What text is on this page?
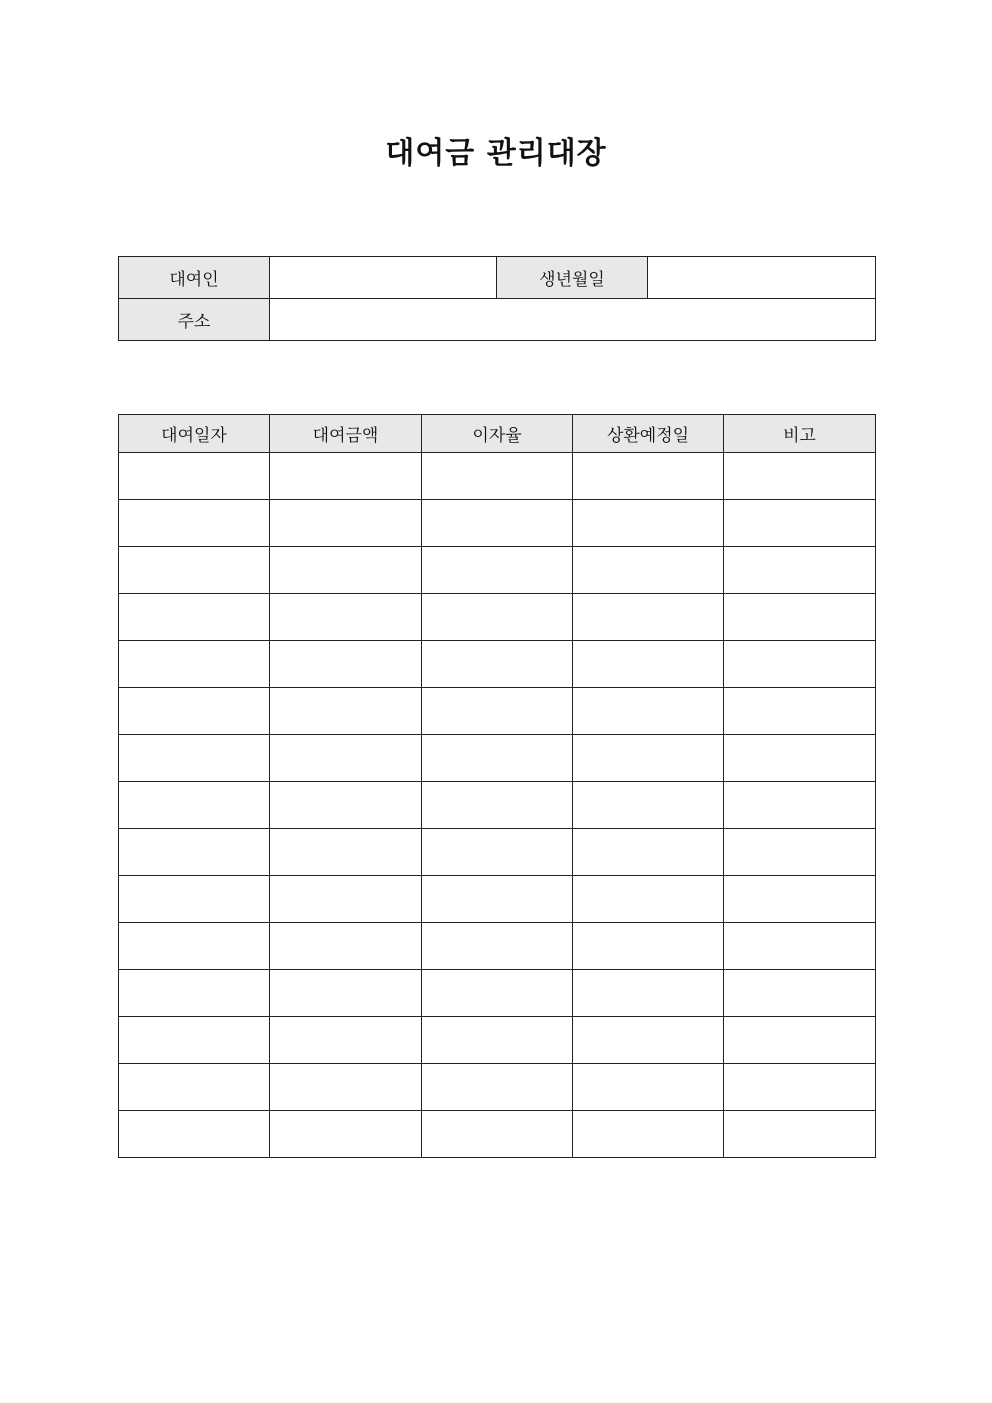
대여금 관리대장
대여인		생년월일	
주소			
대여일자	대여금액	이자율	상환예정일	비고
